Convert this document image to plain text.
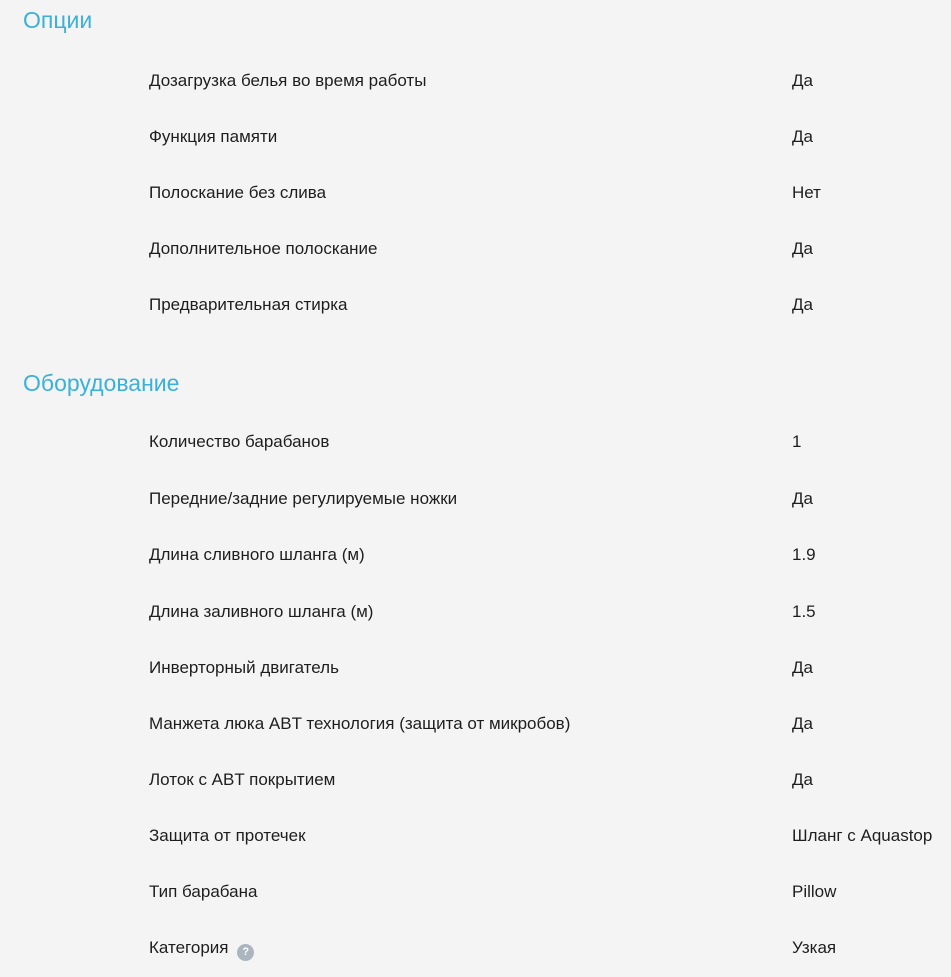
Опции
Дозагрузка белья во время работы	Да
Функция памяти	Да
Полоскание без слива	Нет
Дополнительное полоскание	Да
Предварительная стирка	Да
Оборудование
Количество барабанов	1
Передние/задние регулируемые ножки	Да
Длина сливного шланга (м)	1.9
Длина заливного шланга (м)	1.5
Инверторный двигатель	Да
Манжета люка ABT технология (защита от микробов)	Да
Лоток с ABT покрытием	Да
Защита от протечек	Шланг с Aquastop
Тип барабана	Pillow
Категория ?	Узкая
